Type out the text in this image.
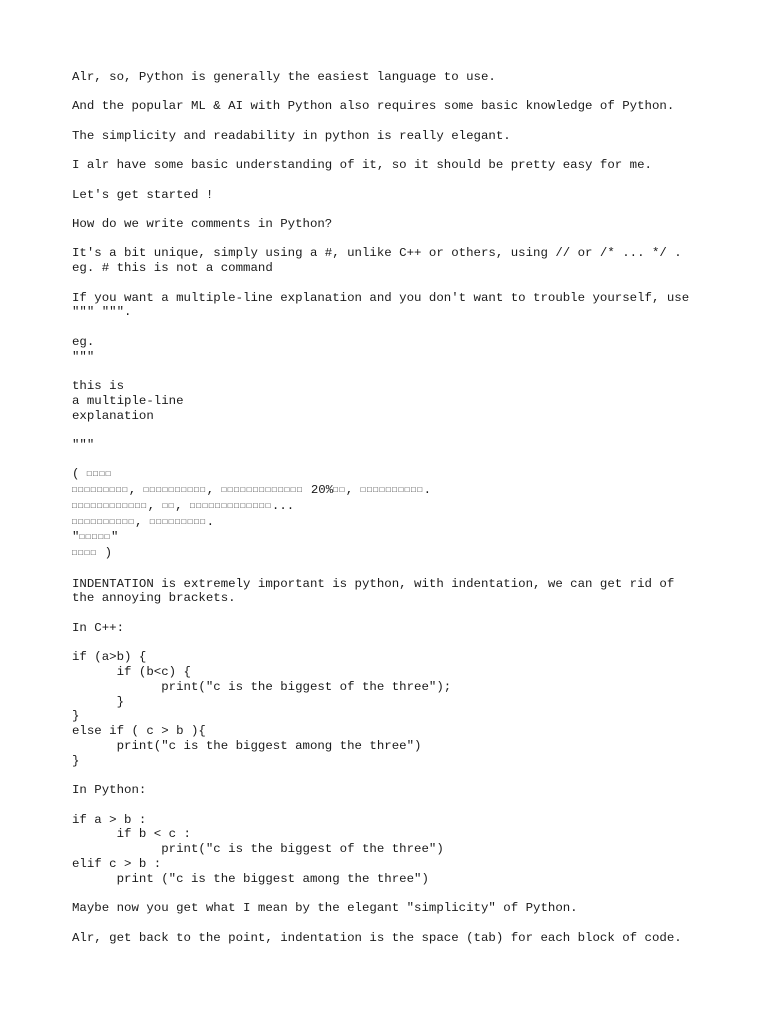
Alr, so, Python is generally the easiest language to use.
And the popular ML & AI with Python also requires some basic knowledge of Python.
The simplicity and readability in python is really elegant.
I alr have some basic understanding of it, so it should be pretty easy for me.
Let's get started !
How do we write comments in Python?
It's a bit unique, simply using a #, unlike C++ or others, using // or /* ... */ .
eg. # this is not a command
If you want a multiple-line explanation and you don't want to trouble yourself, use
""" """.
eg.
"""
this is
a multiple-line
explanation
"""
( □□□□
□□□□□□□□□, □□□□□□□□□□, □□□□□□□□□□□□□ 20%□□, □□□□□□□□□□.
□□□□□□□□□□□□, □□, □□□□□□□□□□□□□...
□□□□□□□□□□, □□□□□□□□□.
"□□□□□"
□□□□ )
INDENTATION is extremely important is python, with indentation, we can get rid of
the annoying brackets.
In C++:
if (a>b) {
if (b<c) {
print("c is the biggest of the three");
}
}
else if ( c > b ){
print("c is the biggest among the three")
}
In Python:
if a > b :
if b < c :
print("c is the biggest of the three")
elif c > b :
print ("c is the biggest among the three")
Maybe now you get what I mean by the elegant "simplicity" of Python.
Alr, get back to the point, indentation is the space (tab) for each block of code.
